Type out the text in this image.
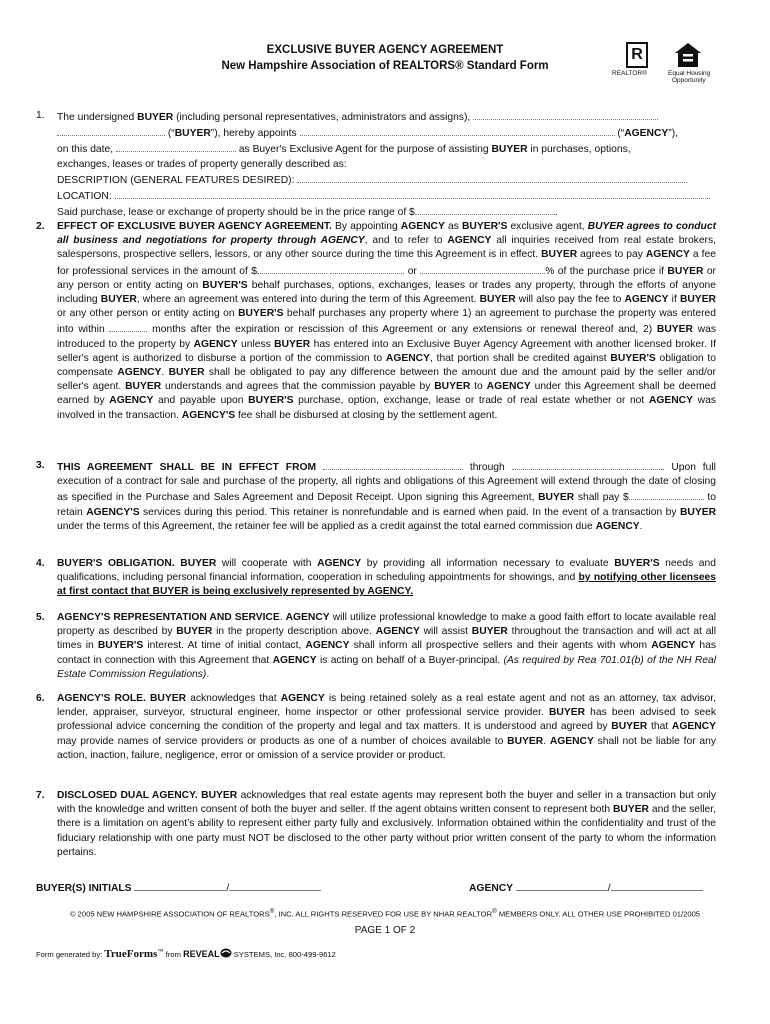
EXCLUSIVE BUYER AGENCY AGREEMENT
New Hampshire Association of REALTORS® Standard Form
R
REALTOR®	Equal Housing
Opportunity
1. The undersigned BUYER (including personal representatives, administrators and assigns),
(“BUYER”), hereby appoints	(“AGENCY”),
on this date,	as Buyer's Exclusive Agent for the purpose of assisting BUYER in purchases, options,
exchanges, leases or trades of property generally described as:
DESCRIPTION (GENERAL FEATURES DESIRED):
LOCATION:
Said purchase, lease or exchange of property should be in the price range of $	.
2. EFFECT OF EXCLUSIVE BUYER AGENCY AGREEMENT. By appointing AGENCY as BUYER'S exclusive agent, BUYER agrees to conduct all business and negotiations for property through AGENCY, and to refer to AGENCY all inquiries received from real estate brokers, salespersons, prospective sellers, lessors, or any other source during the time this Agreement is in effect. BUYER agrees to pay AGENCY a fee for professional services in the amount of $	or	% of the purchase price if BUYER or any person or entity acting on BUYER'S behalf purchases, options, exchanges, leases or trades any property, through the efforts of anyone including BUYER, where an agreement was entered into during the term of this Agreement. BUYER will also pay the fee to AGENCY if BUYER or any other person or entity acting on BUYER'S behalf purchases any property where 1) an agreement to purchase the property was entered into within	months after the expiration or rescission of this Agreement or any extensions or renewal thereof and, 2) BUYER was introduced to the property by AGENCY unless BUYER has entered into an Exclusive Buyer Agency Agreement with another licensed broker. If seller's agent is authorized to disburse a portion of the commission to AGENCY, that portion shall be credited against BUYER'S obligation to compensate AGENCY. BUYER shall be obligated to pay any difference between the amount due and the amount paid by the seller and/or seller's agent. BUYER understands and agrees that the commission payable by BUYER to AGENCY under this Agreement shall be deemed earned by AGENCY and payable upon BUYER'S purchase, option, exchange, lease or trade of real estate whether or not AGENCY was involved in the transaction. AGENCY'S fee shall be disbursed at closing by the settlement agent.
3. THIS AGREEMENT SHALL BE IN EFFECT FROM	through	. Upon full execution of a contract for sale and purchase of the property, all rights and obligations of this Agreement will extend through the date of closing as specified in the Purchase and Sales Agreement and Deposit Receipt. Upon signing this Agreement, BUYER shall pay $	to retain AGENCY'S services during this period. This retainer is nonrefundable and is earned when paid. In the event of a transaction by BUYER under the terms of this Agreement, the retainer fee will be applied as a credit against the total earned commission due AGENCY.
4. BUYER'S OBLIGATION. BUYER will cooperate with AGENCY by providing all information necessary to evaluate BUYER'S needs and qualifications, including personal financial information, cooperation in scheduling appointments for showings, and by notifying other licensees at first contact that BUYER is being exclusively represented by AGENCY.
5. AGENCY'S REPRESENTATION AND SERVICE. AGENCY will utilize professional knowledge to make a good faith effort to locate available real property as described by BUYER in the property description above. AGENCY will assist BUYER throughout the transaction and will act at all times in BUYER'S interest. At time of initial contact, AGENCY shall inform all prospective sellers and their agents with whom AGENCY has contact in connection with this Agreement that AGENCY is acting on behalf of a Buyer-principal. (As required by Rea 701.01(b) of the NH Real Estate Commission Regulations).
6. AGENCY'S ROLE. BUYER acknowledges that AGENCY is being retained solely as a real estate agent and not as an attorney, tax advisor, lender, appraiser, surveyor, structural engineer, home inspector or other professional service provider. BUYER has been advised to seek professional advice concerning the condition of the property and legal and tax matters. It is understood and agreed by BUYER that AGENCY may provide names of service providers or products as one of a number of choices available to BUYER. AGENCY shall not be liable for any action, inaction, failure, negligence, error or omission of a service provider or product.
7. DISCLOSED DUAL AGENCY. BUYER acknowledges that real estate agents may represent both the buyer and seller in a transaction but only with the knowledge and written consent of both the buyer and seller. If the agent obtains written consent to represent both BUYER and the seller, there is a limitation on agent’s ability to represent either party fully and exclusively. Information obtained within the confidentiality and trust of the fiduciary relationship with one party must NOT be disclosed to the other party without prior written consent of the party to whom the information pertains.
BUYER(S) INITIALS	/	AGENCY	/
© 2005 NEW HAMPSHIRE ASSOCIATION OF REALTORS®, INC. ALL RIGHTS RESERVED FOR USE BY NHAR REALTOR® MEMBERS ONLY. ALL OTHER USE PROHIBITED 01/2005
PAGE 1 OF 2
Form generated by: TrueForms™ from REVEAL SYSTEMS, Inc. 800-499-9612
